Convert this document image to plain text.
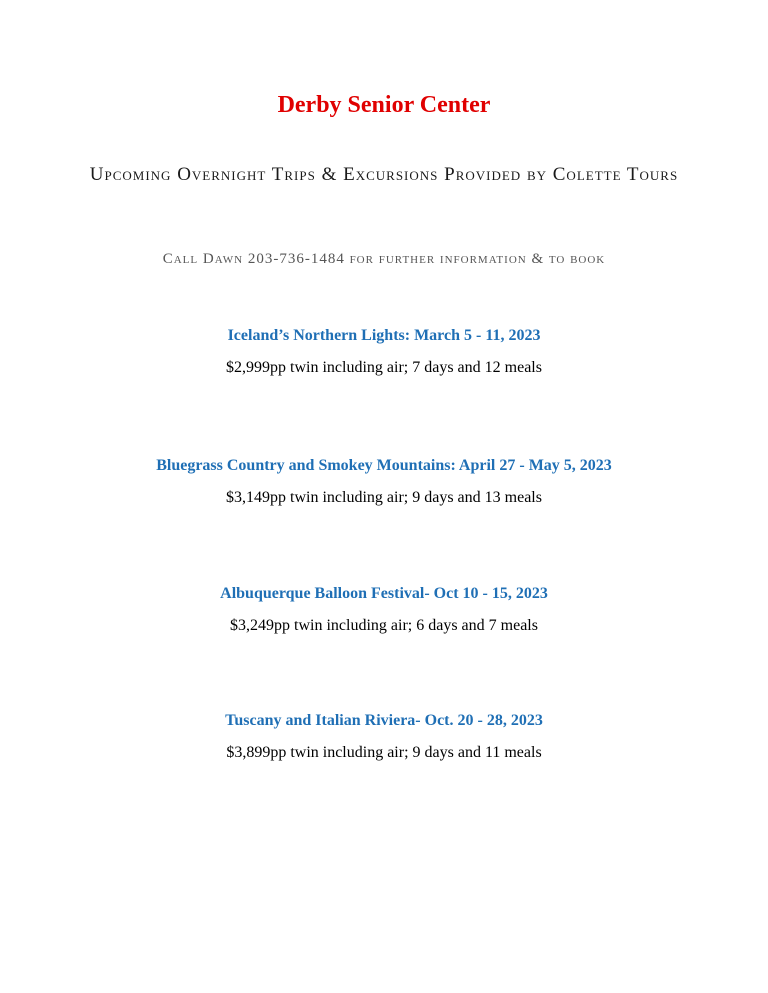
Derby Senior Center
Upcoming Overnight Trips & Excursions Provided by Colette Tours
Call Dawn 203-736-1484 for further information & to book
Iceland’s Northern Lights: March 5 - 11, 2023
$2,999pp twin including air; 7 days and 12 meals
Bluegrass Country and Smokey Mountains: April 27 - May 5, 2023
$3,149pp twin including air; 9 days and 13 meals
Albuquerque Balloon Festival- Oct 10 - 15, 2023
$3,249pp twin including air; 6 days and 7 meals
Tuscany and Italian Riviera- Oct. 20 - 28, 2023
$3,899pp twin including air; 9 days and 11 meals
